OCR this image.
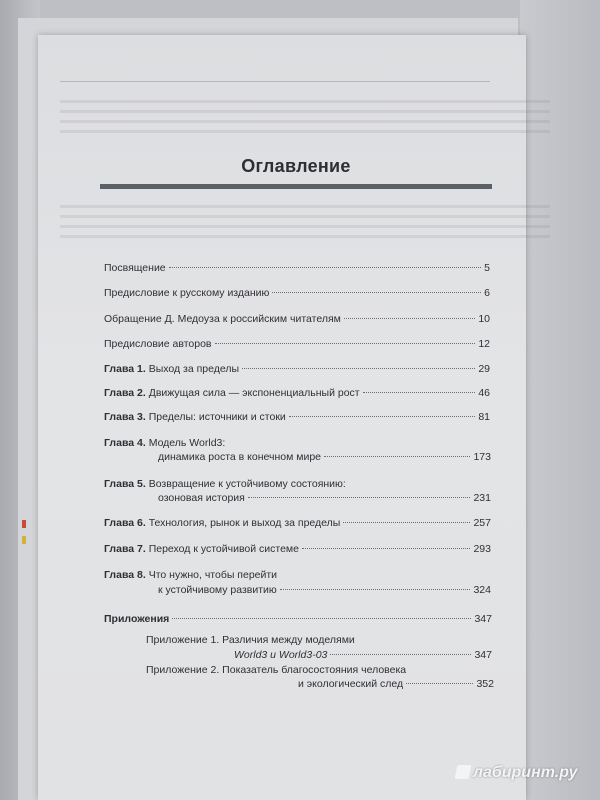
Оглавление
Посвящение	5
Предисловие к русскому изданию	6
Обращение Д. Медоуза к российским читателям	10
Предисловие авторов	12
Глава 1. Выход за пределы	29
Глава 2. Движущая сила — экспоненциальный рост	46
Глава 3. Пределы: источники и стоки	81
Глава 4. Модель World3:
динамика роста в конечном мире	173
Глава 5. Возвращение к устойчивому состоянию:
озоновая история	231
Глава 6. Технология, рынок и выход за пределы	257
Глава 7. Переход к устойчивой системе	293
Глава 8. Что нужно, чтобы перейти
к устойчивому развитию	324
Приложения	347
Приложение 1. Различия между моделями
World3 и World3-03	347
Приложение 2. Показатель благосостояния человека
и экологический след	352
лабиринт.ру
